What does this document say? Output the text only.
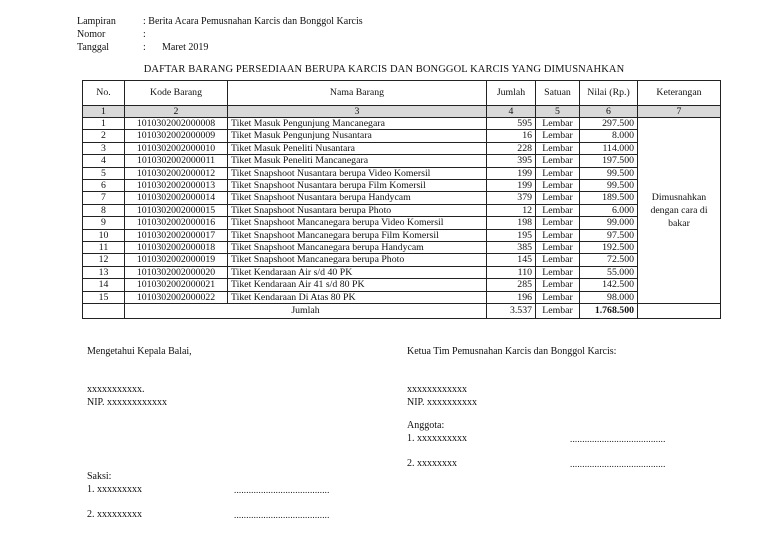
Lampiran	: Berita Acara Pemusnahan Karcis dan Bonggol Karcis
Nomor	:
Tanggal	: Maret 2019
DAFTAR BARANG PERSEDIAAN BERUPA KARCIS DAN BONGGOL KARCIS YANG DIMUSNAHKAN
No.	Kode Barang	Nama Barang	Jumlah	Satuan	Nilai (Rp.)	Keterangan
1	2	3	4	5	6	7
1	1010302002000008	Tiket Masuk Pengunjung Mancanegara	595	Lembar	297.500	Dimusnahkan dengan cara di bakar
2	1010302002000009	Tiket Masuk Pengunjung Nusantara	16	Lembar	8.000	
3	1010302002000010	Tiket Masuk Peneliti Nusantara	228	Lembar	114.000	
4	1010302002000011	Tiket Masuk Peneliti Mancanegara	395	Lembar	197.500	
5	1010302002000012	Tiket Snapshoot Nusantara berupa Video Komersil	199	Lembar	99.500	
6	1010302002000013	Tiket Snapshoot Nusantara berupa Film Komersil	199	Lembar	99.500	
7	1010302002000014	Tiket Snapshoot Nusantara berupa Handycam	379	Lembar	189.500	
8	1010302002000015	Tiket Snapshoot Nusantara berupa Photo	12	Lembar	6.000	
9	1010302002000016	Tiket Snapshoot Mancanegara berupa Video Komersil	198	Lembar	99.000	
10	1010302002000017	Tiket Snapshoot Mancanegara berupa Film Komersil	195	Lembar	97.500	
11	1010302002000018	Tiket Snapshoot Mancanegara berupa Handycam	385	Lembar	192.500	
12	1010302002000019	Tiket Snapshoot Mancanegara berupa Photo	145	Lembar	72.500	
13	1010302002000020	Tiket Kendaraan Air s/d 40 PK	110	Lembar	55.000	
14	1010302002000021	Tiket Kendaraan Air 41 s/d 80 PK	285	Lembar	142.500	
15	1010302002000022	Tiket Kendaraan Di Atas 80 PK	196	Lembar	98.000	
	Jumlah		3.537	Lembar	1.768.500	
Mengetahui Kepala Balai,
xxxxxxxxxxx.
NIP. xxxxxxxxxxxx
Ketua Tim Pemusnahan Karcis dan Bonggol Karcis:
xxxxxxxxxxxx
NIP. xxxxxxxxxx
Anggota:
1. xxxxxxxxxx	.......................................
2. xxxxxxxx	.......................................
Saksi:
1. xxxxxxxxx	.......................................
2. xxxxxxxxx	.......................................
